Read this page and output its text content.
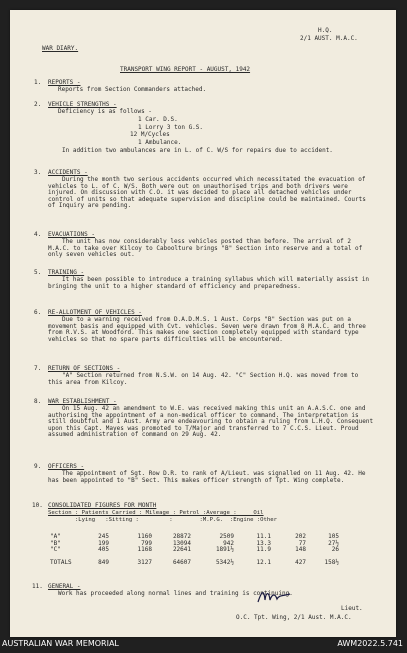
H.Q.
2/1 AUST. M.A.C.
WAR DIARY.
TRANSPORT WING REPORT - AUGUST, 1942
1. REPORTS -
Reports from Section Commanders attached.
2. VEHICLE STRENGTHS -
Deficiency is as follows -
1 Car. D.S.
1 Lorry 3 ton G.S.
12 M/Cycles
1 Ambulance.
In addition two ambulances are in L. of C. W/S for repairs due to accident.
3. ACCIDENTS -
During the month two serious accidents occurred which necessitated the evacuation of vehicles to L. of C. W/S. Both were out on unauthorised trips and both drivers were injured. On discussion with C.O. it was decided to place all detached vehicles under control of units so that adequate supervision and discipline could be maintained. Courts of Inquiry are pending.
4. EVACUATIONS -
The unit has now considerably less vehicles posted than before. The arrival of 2 M.A.C. to take over Kilcoy to Caboolture brings "B" Section into reserve and a total of only seven vehicles out.
5. TRAINING -
It has been possible to introduce a training syllabus which will materially assist in bringing the unit to a higher standard of efficiency and preparedness.
6. RE-ALLOTMENT OF VEHICLES -
Due to a warning received from D.A.D.M.S. 1 Aust. Corps "B" Section was put on a movement basis and equipped with Cvt. vehicles. Seven were drawn from 8 M.A.C. and three from R.V.S. at Woodford. This makes one section completely equipped with standard type vehicles so that no spare parts difficulties will be encountered.
7. RETURN OF SECTIONS -
"A" Section returned from N.S.W. on 14 Aug. 42. "C" Section H.Q. was moved from to this area from Kilcoy.
8. WAR ESTABLISHMENT -
On 15 Aug. 42 an amendment to W.E. was received making this unit an A.A.S.C. one and authorising the appointment of a non-medical officer to command. The interpretation is still doubtful and 1 Aust. Army are endeavouring to obtain a ruling from L.H.Q. Consequent upon this Capt. Mayes was promoted to T/Major and transferred to 7 C.C.S. Lieut. Proud assumed administration of command on 29 Aug. 42.
9. OFFICERS -
The appointment of Sgt. Row D.R. to rank of A/Lieut. was signalled on 11 Aug. 42. He has been appointed to "B" Sect. This makes officer strength of Tpt. Wing complete.
10. CONSOLIDATED FIGURES FOR MONTH
Section : Patients Carried : Mileage : Petrol :Average :     Oil
:Lying   :Sitting :         :        :M.P.G.  :Engine :Other
"A"	245	1160	28872	2509	11.1	202	105
"B"	199	799	13094	942	13.3	77	27½
"C"	405	1168	22641	1891½	11.9	148	26

TOTALS	849	3127	64607	5342½	12.1	427	158½
11. GENERAL -
Work has proceeded along normal lines and training is continuing.
Lieut.
O.C. Tpt. Wing, 2/1 Aust. M.A.C.
AUSTRALIAN WAR MEMORIAL	AWM2022.5.741
